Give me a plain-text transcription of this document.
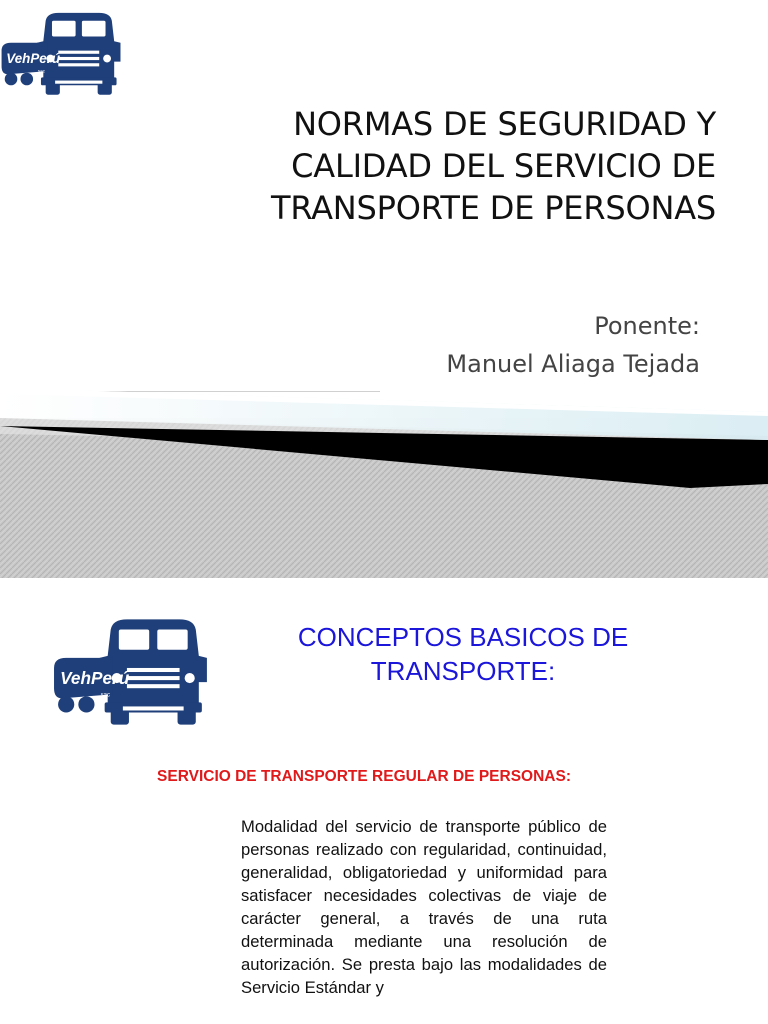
VehPerú
sac
NORMAS DE SEGURIDAD Y CALIDAD DEL SERVICIO DE TRANSPORTE DE PERSONAS
Ponente:
Manuel Aliaga Tejada
VehPerú
sac
CONCEPTOS BASICOS DE TRANSPORTE:
SERVICIO DE TRANSPORTE REGULAR DE PERSONAS:

Modalidad del servicio de transporte público de personas realizado con regularidad, continuidad, generalidad, obligatoriedad y uniformidad para satisfacer necesidades colectivas de viaje de carácter general, a través de una ruta determinada mediante una resolución de autorización. Se presta bajo las modalidades de Servicio Estándar y
